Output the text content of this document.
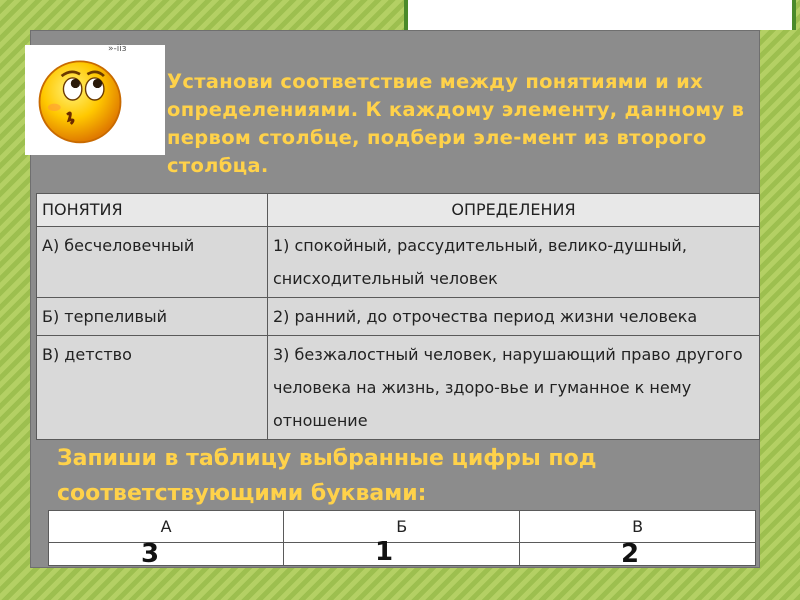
»-iiз
Установи соответствие между понятиями и их определениями. К каждому элементу, данному в первом столбце, подбери эле-мент из второго столбца.
ПОНЯТИЯ	ОПРЕДЕЛЕНИЯ
А) бесчеловечный	1) спокойный, рассудительный, велико-душный, снисходительный человек
Б) терпеливый	2) ранний, до отрочества период жизни человека
В) детство	3) безжалостный человек, нарушающий право другого человека на жизнь, здоро-вье и гуманное к нему отношение
Запиши в таблицу выбранные цифры под соответствующими буквами:
А	Б	В

3	1	2
